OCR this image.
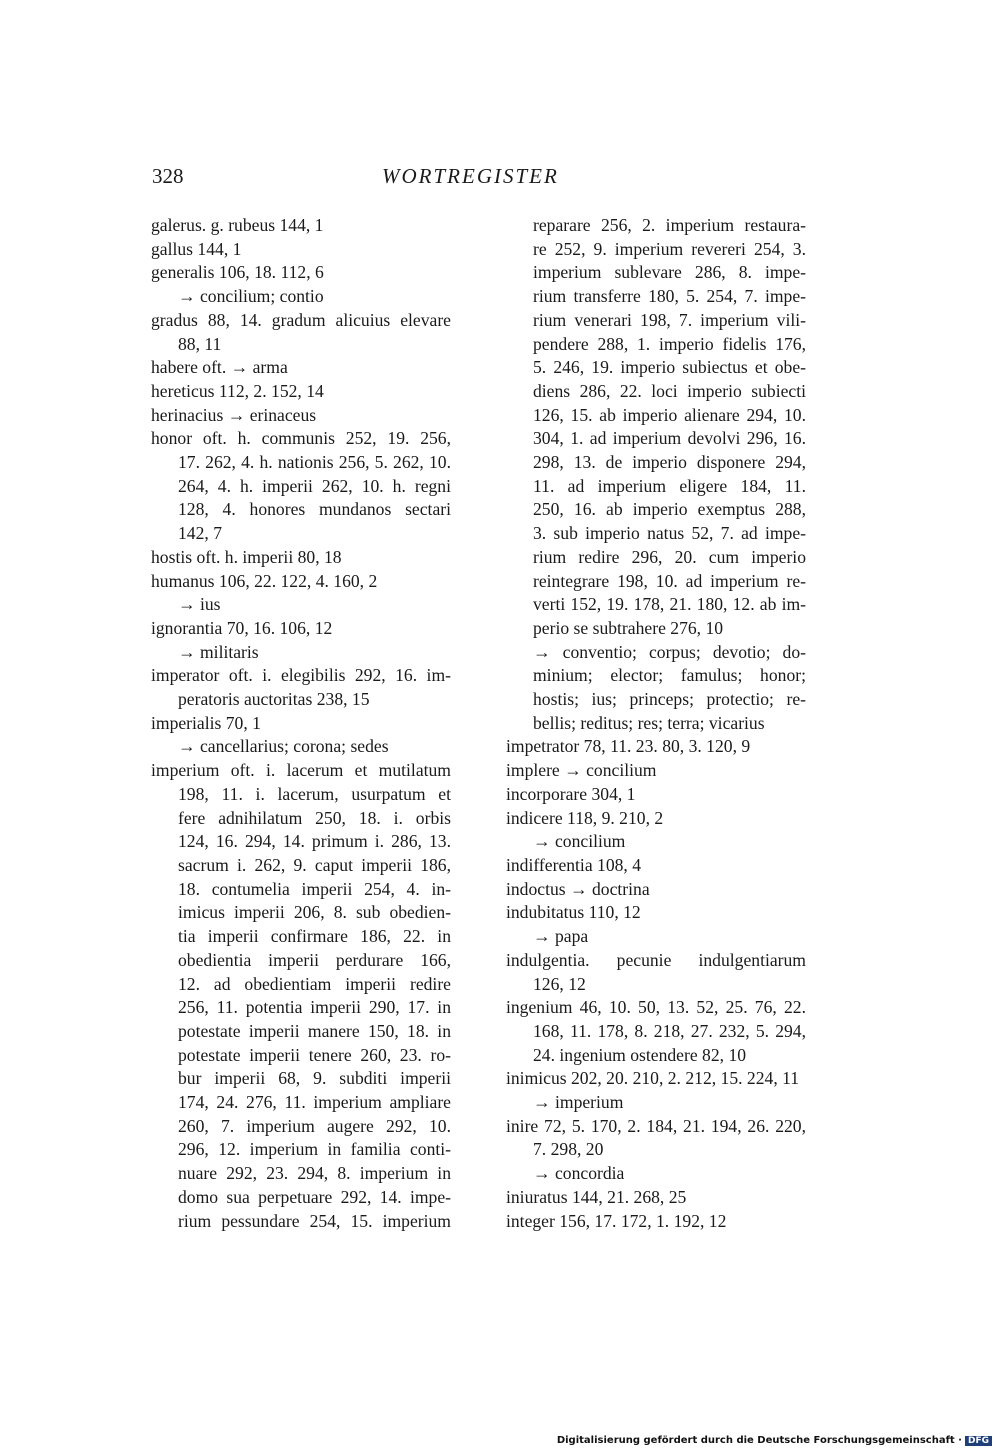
328	WORTREGISTER
galerus. g. rubeus 144, 1
gallus 144, 1
generalis 106, 18. 112, 6
→ concilium; contio
gradus 88, 14. gradum alicuius elevare
88, 11
habere oft. → arma
hereticus 112, 2. 152, 14
herinacius → erinaceus
honor oft. h. communis 252, 19. 256,
17. 262, 4. h. nationis 256, 5. 262, 10.
264, 4. h. imperii 262, 10. h. regni
128, 4. honores mundanos sectari
142, 7
hostis oft. h. imperii 80, 18
humanus 106, 22. 122, 4. 160, 2
→ ius
ignorantia 70, 16. 106, 12
→ militaris
imperator oft. i. elegibilis 292, 16. im-
peratoris auctoritas 238, 15
imperialis 70, 1
→ cancellarius; corona; sedes
imperium oft. i. lacerum et mutilatum
198, 11. i. lacerum, usurpatum et
fere adnihilatum 250, 18. i. orbis
124, 16. 294, 14. primum i. 286, 13.
sacrum i. 262, 9. caput imperii 186,
18. contumelia imperii 254, 4. in-
imicus imperii 206, 8. sub obedien-
tia imperii confirmare 186, 22. in
obedientia imperii perdurare 166,
12. ad obedientiam imperii redire
256, 11. potentia imperii 290, 17. in
potestate imperii manere 150, 18. in
potestate imperii tenere 260, 23. ro-
bur imperii 68, 9. subditi imperii
174, 24. 276, 11. imperium ampliare
260, 7. imperium augere 292, 10.
296, 12. imperium in familia conti-
nuare 292, 23. 294, 8. imperium in
domo sua perpetuare 292, 14. impe-
rium pessundare 254, 15. imperium
reparare 256, 2. imperium restaura-
re 252, 9. imperium revereri 254, 3.
imperium sublevare 286, 8. impe-
rium transferre 180, 5. 254, 7. impe-
rium venerari 198, 7. imperium vili-
pendere 288, 1. imperio fidelis 176,
5. 246, 19. imperio subiectus et obe-
diens 286, 22. loci imperio subiecti
126, 15. ab imperio alienare 294, 10.
304, 1. ad imperium devolvi 296, 16.
298, 13. de imperio disponere 294,
11. ad imperium eligere 184, 11.
250, 16. ab imperio exemptus 288,
3. sub imperio natus 52, 7. ad impe-
rium redire 296, 20. cum imperio
reintegrare 198, 10. ad imperium re-
verti 152, 19. 178, 21. 180, 12. ab im-
perio se subtrahere 276, 10
→ conventio; corpus; devotio; do-
minium; elector; famulus; honor;
hostis; ius; princeps; protectio; re-
bellis; reditus; res; terra; vicarius
impetrator 78, 11. 23. 80, 3. 120, 9
implere → concilium
incorporare 304, 1
indicere 118, 9. 210, 2
→ concilium
indifferentia 108, 4
indoctus → doctrina
indubitatus 110, 12
→ papa
indulgentia. pecunie indulgentiarum
126, 12
ingenium 46, 10. 50, 13. 52, 25. 76, 22.
168, 11. 178, 8. 218, 27. 232, 5. 294,
24. ingenium ostendere 82, 10
inimicus 202, 20. 210, 2. 212, 15. 224, 11
→ imperium
inire 72, 5. 170, 2. 184, 21. 194, 26. 220,
7. 298, 20
→ concordia
iniuratus 144, 21. 268, 25
integer 156, 17. 172, 1. 192, 12
Digitalisierung gefördert durch die Deutsche Forschungsgemeinschaft · DFG
